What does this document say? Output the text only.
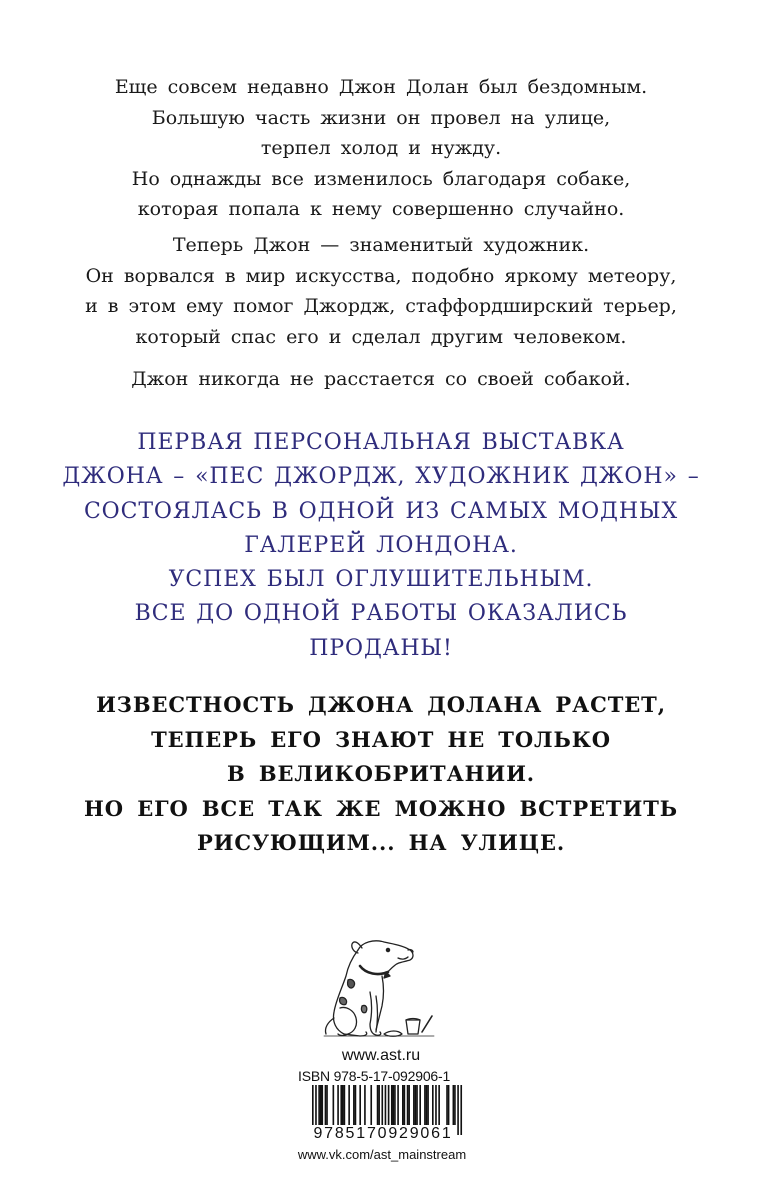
Еще совсем недавно Джон Долан был бездомным.
Большую часть жизни он провел на улице,
терпел холод и нужду.
Но однажды все изменилось благодаря собаке,
которая попала к нему совершенно случайно.

Теперь Джон — знаменитый художник.
Он ворвался в мир искусства, подобно яркому метеору,
и в этом ему помог Джордж, стаффордширский терьер,
который спас его и сделал другим человеком.

Джон никогда не расстается со своей собакой.

ПЕРВАЯ ПЕРСОНАЛЬНАЯ ВЫСТАВКА
ДЖОНА – «ПЕС ДЖОРДЖ, ХУДОЖНИК ДЖОН» –
СОСТОЯЛАСЬ В ОДНОЙ ИЗ САМЫХ МОДНЫХ
ГАЛЕРЕЙ ЛОНДОНА.
УСПЕХ БЫЛ ОГЛУШИТЕЛЬНЫМ.
ВСЕ ДО ОДНОЙ РАБОТЫ ОКАЗАЛИСЬ
ПРОДАНЫ!

ИЗВЕСТНОСТЬ ДЖОНА ДОЛАНА РАСТЕТ,
ТЕПЕРЬ ЕГО ЗНАЮТ НЕ ТОЛЬКО
В ВЕЛИКОБРИТАНИИ.
НО ЕГО ВСЕ ТАК ЖЕ МОЖНО ВСТРЕТИТЬ
РИСУЮЩИМ... НА УЛИЦЕ.

www.ast.ru

ISBN 978-5-17-092906-1

9785170929061

www.vk.com/ast_mainstream
